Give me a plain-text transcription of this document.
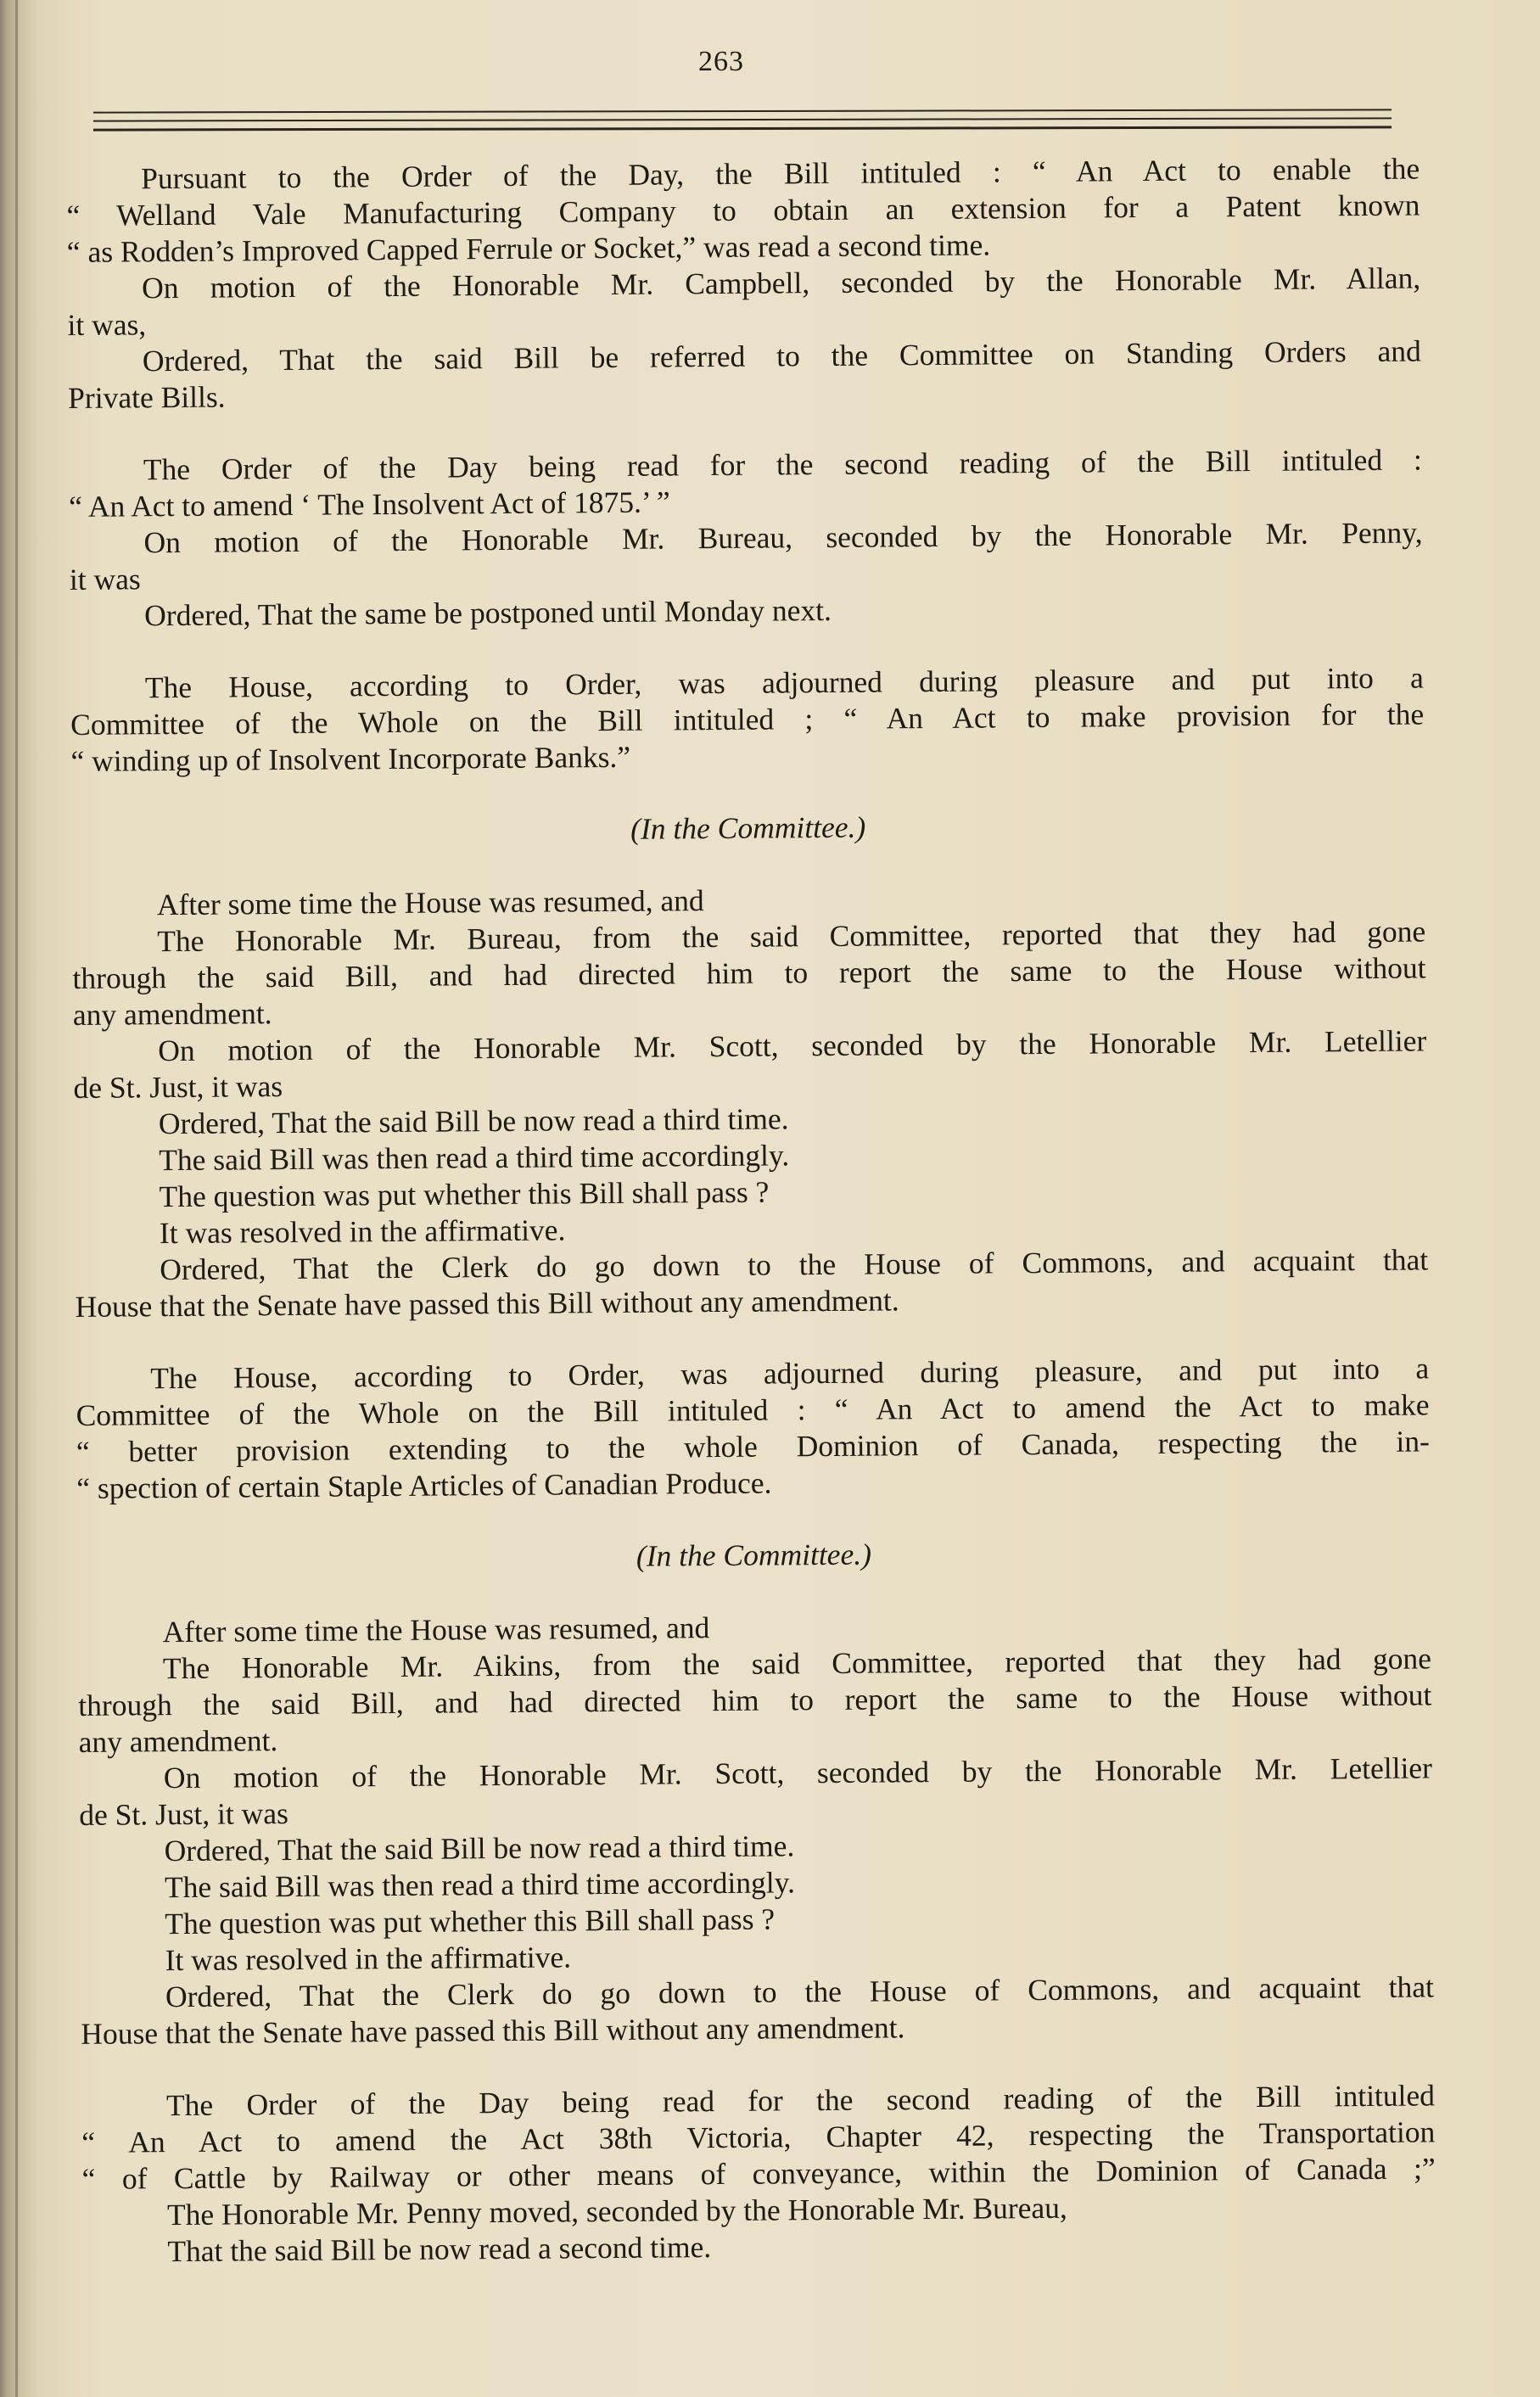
263
Pursuant to the Order of the Day, the Bill intituled : “ An Act to enable the
“ Welland Vale Manufacturing Company to obtain an extension for a Patent known
“ as Rodden’s Improved Capped Ferrule or Socket,” was read a second time.
On motion of the Honorable Mr. Campbell, seconded by the Honorable Mr. Allan,
it was,
Ordered, That the said Bill be referred to the Committee on Standing Orders and
Private Bills.
The Order of the Day being read for the second reading of the Bill intituled :
“ An Act to amend ‘ The Insolvent Act of 1875.’ ”
On motion of the Honorable Mr. Bureau, seconded by the Honorable Mr. Penny,
it was
Ordered, That the same be postponed until Monday next.
The House, according to Order, was adjourned during pleasure and put into a
Committee of the Whole on the Bill intituled ; “ An Act to make provision for the
“ winding up of Insolvent Incorporate Banks.”
(In the Committee.)
After some time the House was resumed, and
The Honorable Mr. Bureau, from the said Committee, reported that they had gone
through the said Bill, and had directed him to report the same to the House without
any amendment.
On motion of the Honorable Mr. Scott, seconded by the Honorable Mr. Letellier
de St. Just, it was
Ordered, That the said Bill be now read a third time.
The said Bill was then read a third time accordingly.
The question was put whether this Bill shall pass ?
It was resolved in the affirmative.
Ordered, That the Clerk do go down to the House of Commons, and acquaint that
House that the Senate have passed this Bill without any amendment.
The House, according to Order, was adjourned during pleasure, and put into a
Committee of the Whole on the Bill intituled : “ An Act to amend the Act to make
“ better provision extending to the whole Dominion of Canada, respecting the in-
“ spection of certain Staple Articles of Canadian Produce.
(In the Committee.)
After some time the House was resumed, and
The Honorable Mr. Aikins, from the said Committee, reported that they had gone
through the said Bill, and had directed him to report the same to the House without
any amendment.
On motion of the Honorable Mr. Scott, seconded by the Honorable Mr. Letellier
de St. Just, it was
Ordered, That the said Bill be now read a third time.
The said Bill was then read a third time accordingly.
The question was put whether this Bill shall pass ?
It was resolved in the affirmative.
Ordered, That the Clerk do go down to the House of Commons, and acquaint that
House that the Senate have passed this Bill without any amendment.
The Order of the Day being read for the second reading of the Bill intituled
“ An Act to amend the Act 38th Victoria, Chapter 42, respecting the Transportation
“ of Cattle by Railway or other means of conveyance, within the Dominion of Canada ;”
The Honorable Mr. Penny moved, seconded by the Honorable Mr. Bureau,
That the said Bill be now read a second time.
